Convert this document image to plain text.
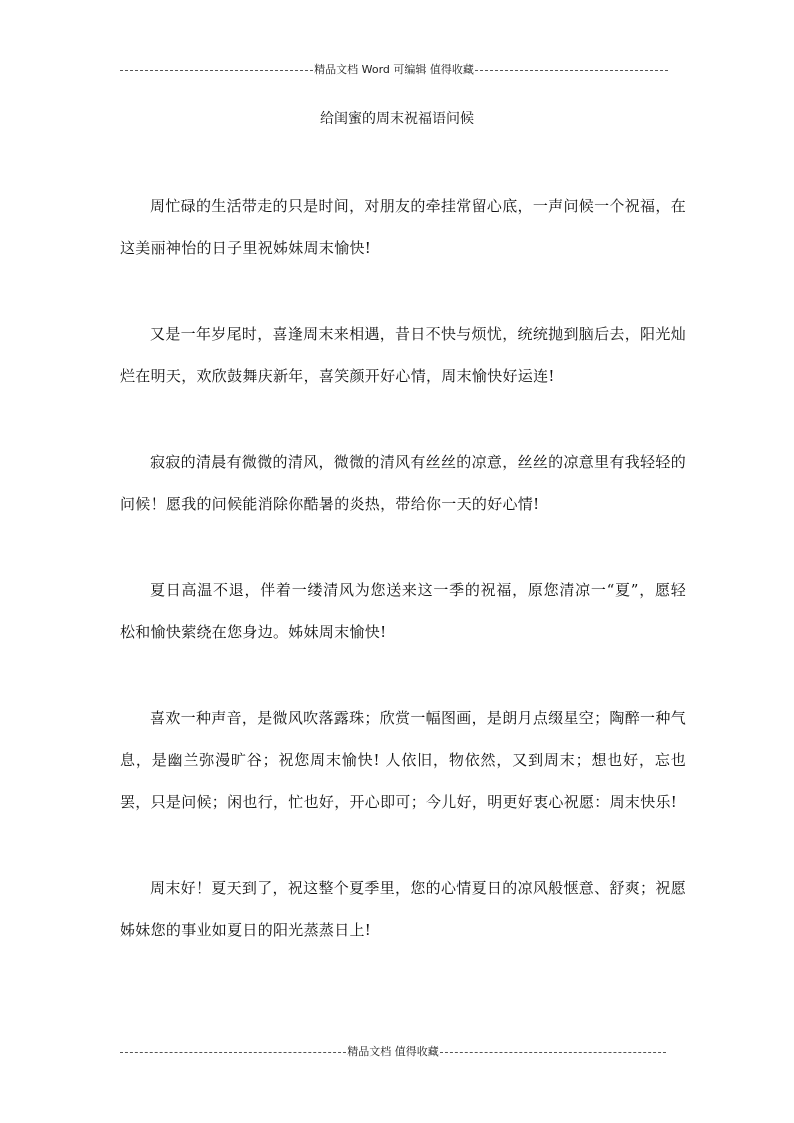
精品文档 Word 可编辑 值得收藏
给闺蜜的周末祝福语问候

周忙碌的生活带走的只是时间，对朋友的牵挂常留心底，一声问候一个祝福，在这美丽神怡的日子里祝姊妹周末愉快!

又是一年岁尾时，喜逢周末来相遇，昔日不快与烦忧，统统抛到脑后去，阳光灿烂在明天，欢欣鼓舞庆新年，喜笑颜开好心情，周末愉快好运连!

寂寂的清晨有微微的清风，微微的清风有丝丝的凉意，丝丝的凉意里有我轻轻的问候！愿我的问候能消除你酷暑的炎热，带给你一天的好心情!

夏日高温不退，伴着一缕清风为您送来这一季的祝福，原您清凉一“夏”，愿轻松和愉快萦绕在您身边。姊妹周末愉快!

喜欢一种声音，是微风吹落露珠；欣赏一幅图画，是朗月点缀星空；陶醉一种气息，是幽兰弥漫旷谷；祝您周末愉快! 人依旧，物依然，又到周末；想也好，忘也罢，只是问候；闲也行，忙也好，开心即可；今儿好，明更好衷心祝愿：周末快乐!

周末好！夏天到了，祝这整个夏季里，您的心情夏日的凉风般惬意、舒爽；祝愿姊妹您的事业如夏日的阳光蒸蒸日上!

精品文档 值得收藏
